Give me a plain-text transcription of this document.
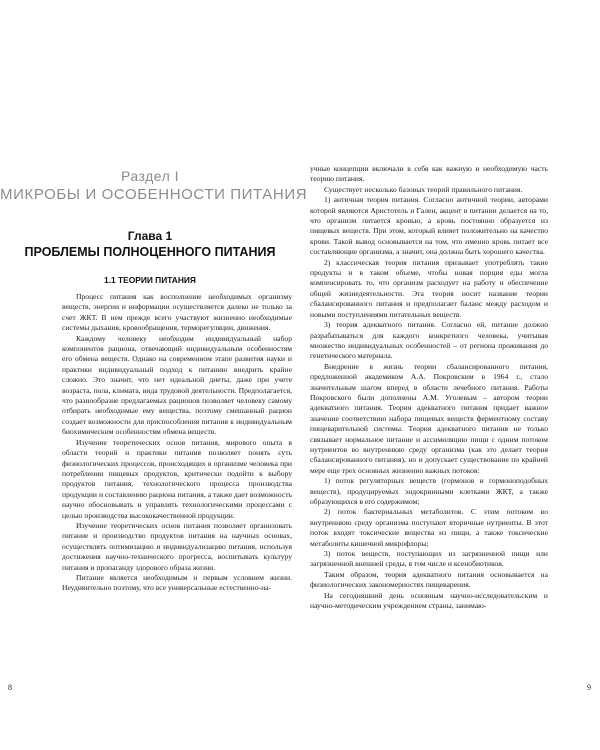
Раздел I
МИКРОБЫ И ОСОБЕННОСТИ ПИТАНИЯ
Глава 1
ПРОБЛЕМЫ ПОЛНОЦЕННОГО ПИТАНИЯ
1.1 ТЕОРИИ ПИТАНИЯ

Процесс питания как восполнение необходимых организму веществ, энергии и информации осуществляется далеко не только за счет ЖКТ. В нем прежде всего участвуют жизненно необходимые системы дыхания, кровообращения, терморегуляции, движения.

Каждому человеку необходим индивидуальный набор компонентов рациона, отвечающий индивидуальным особенностям его обмена веществ. Однако на современном этапе развития науки и практики индивидуальный подход к питанию внедрить крайне сложно. Это значит, что нет идеальной диеты, даже при учете возраста, пола, климата, вида трудовой деятельности. Предполагается, что разнообразие предлагаемых рационов позволяет человеку самому отбирать необходимые ему вещества, поэтому смешанный рацион создает возможности для приспособления питания к индивидуальным биохимическим особенностям обмена веществ.

Изучение теоретических основ питания, мирового опыта в области теорий и практики питания позволяет понять суть физиологических процессов, происходящих в организме человека при потреблении пищевых продуктов, критически подойти к выбору продуктов питания, технологического процесса производства продукции и составлению рациона питания, а также дает возможность научно обосновывать и управлять технологическими процессами с целью производства высококачественной продукции.

Изучение теоретических основ питания позволяет организовать питание и производство продуктов питания на научных основах, осуществлять оптимизацию и индивидуализацию питания, используя достижения научно-технического прогресса, воспитывать культуру питания и пропаганду здорового образа жизни.

Питание является необходимым и первым условием жизни. Неудивительно поэтому, что все универсальные естественно-на-

8

учные концепции включали в себя как важную и необходимую часть теорию питания.

Существует несколько базовых теорий правильного питания.

1) античная теория питания. Согласно античной теории, авторами которой являются Аристотель и Гален, акцент в питании делается на то, что организм питается кровью, а кровь постоянно образуется из пищевых веществ. При этом, который влияет положительно на качество крови. Такой вывод основывается на том, что именно кровь питает все составляющие организма, а значит, она должна быть хорошего качества.

2) классическая теория питания призывает употреблять такие продукты и в таком объеме, чтобы новая порция еды могла компенсировать то, что организм расходует на работу и обеспечение общей жизнедеятельности. Эта теория носит название теории сбалансированного питания и предполагает баланс между расходом и новыми поступлениями питательных веществ.

3) теория адекватного питания. Согласно ей, питание должно разрабатываться для каждого конкретного человека, учитывая множество индивидуальных особенностей – от региона проживания до генетического материала.

Внедрение в жизнь теории сбалансированного питания, предложенной академиком А.А. Покровским в 1964 г., стало значительным шагом вперед в области лечебного питания. Работы Покровского были дополнены А.М. Уголевым – автором теории адекватного питания. Теория адекватного питания придает важное значение соответствию набора пищевых веществ ферментному составу пищеварительной системы. Теория адекватного питания не только связывает нормальное питание и ассимиляцию пищи с одним потоком нутриентов во внутреннюю среду организма (как это делает теория сбалансированного питания), но и допускает существование по крайней мере еще трех основных жизненно важных потоков:

1) поток регуляторных веществ (гормонов и гормоноподобных веществ), продуцируемых эндокринными клетками ЖКТ, а также образующихся в его содержимом;

2) поток бактериальных метаболитов. С этим потоком во внутреннюю среду организма поступают вторичные нутриенты. В этот поток входят токсические вещества из пищи, а также токсические метаболиты кишечной микрофлоры;

3) поток веществ, поступающих из загрязненной пищи или загрязненной внешней среды, в том числе и ксенобиотиков.

Таким образом, теория адекватного питания основывается на физиологических закономерностях пищеварения.

На сегодняшний день основным научно-исследовательским и научно-методическим учреждением страны, занимаю-

9
